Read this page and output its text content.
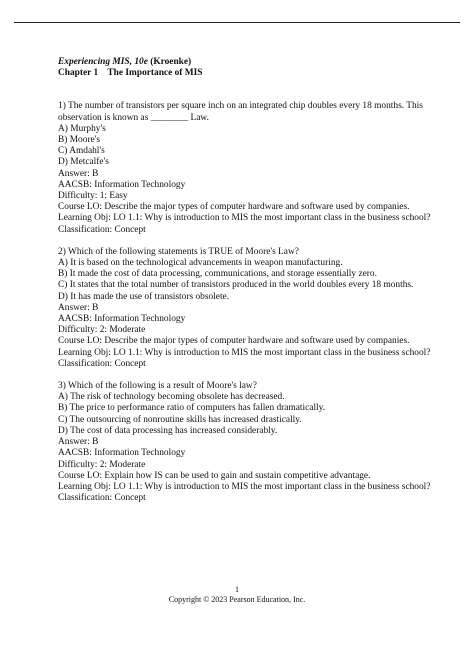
Experiencing MIS, 10e (Kroenke)
Chapter 1 The Importance of MIS
1) The number of transistors per square inch on an integrated chip doubles every 18 months. This observation is known as ________ Law.
A) Murphy's
B) Moore's
C) Amdahl's
D) Metcalfe's
Answer: B
AACSB: Information Technology
Difficulty: 1: Easy
Course LO: Describe the major types of computer hardware and software used by companies.
Learning Obj: LO 1.1: Why is introduction to MIS the most important class in the business school?
Classification: Concept
2) Which of the following statements is TRUE of Moore's Law?
A) It is based on the technological advancements in weapon manufacturing.
B) It made the cost of data processing, communications, and storage essentially zero.
C) It states that the total number of transistors produced in the world doubles every 18 months.
D) It has made the use of transistors obsolete.
Answer: B
AACSB: Information Technology
Difficulty: 2: Moderate
Course LO: Describe the major types of computer hardware and software used by companies.
Learning Obj: LO 1.1: Why is introduction to MIS the most important class in the business school?
Classification: Concept
3) Which of the following is a result of Moore's law?
A) The risk of technology becoming obsolete has decreased.
B) The price to performance ratio of computers has fallen dramatically.
C) The outsourcing of nonroutine skills has increased drastically.
D) The cost of data processing has increased considerably.
Answer: B
AACSB: Information Technology
Difficulty: 2: Moderate
Course LO: Explain how IS can be used to gain and sustain competitive advantage.
Learning Obj: LO 1.1: Why is introduction to MIS the most important class in the business school?
Classification: Concept
1
Copyright © 2023 Pearson Education, Inc.
